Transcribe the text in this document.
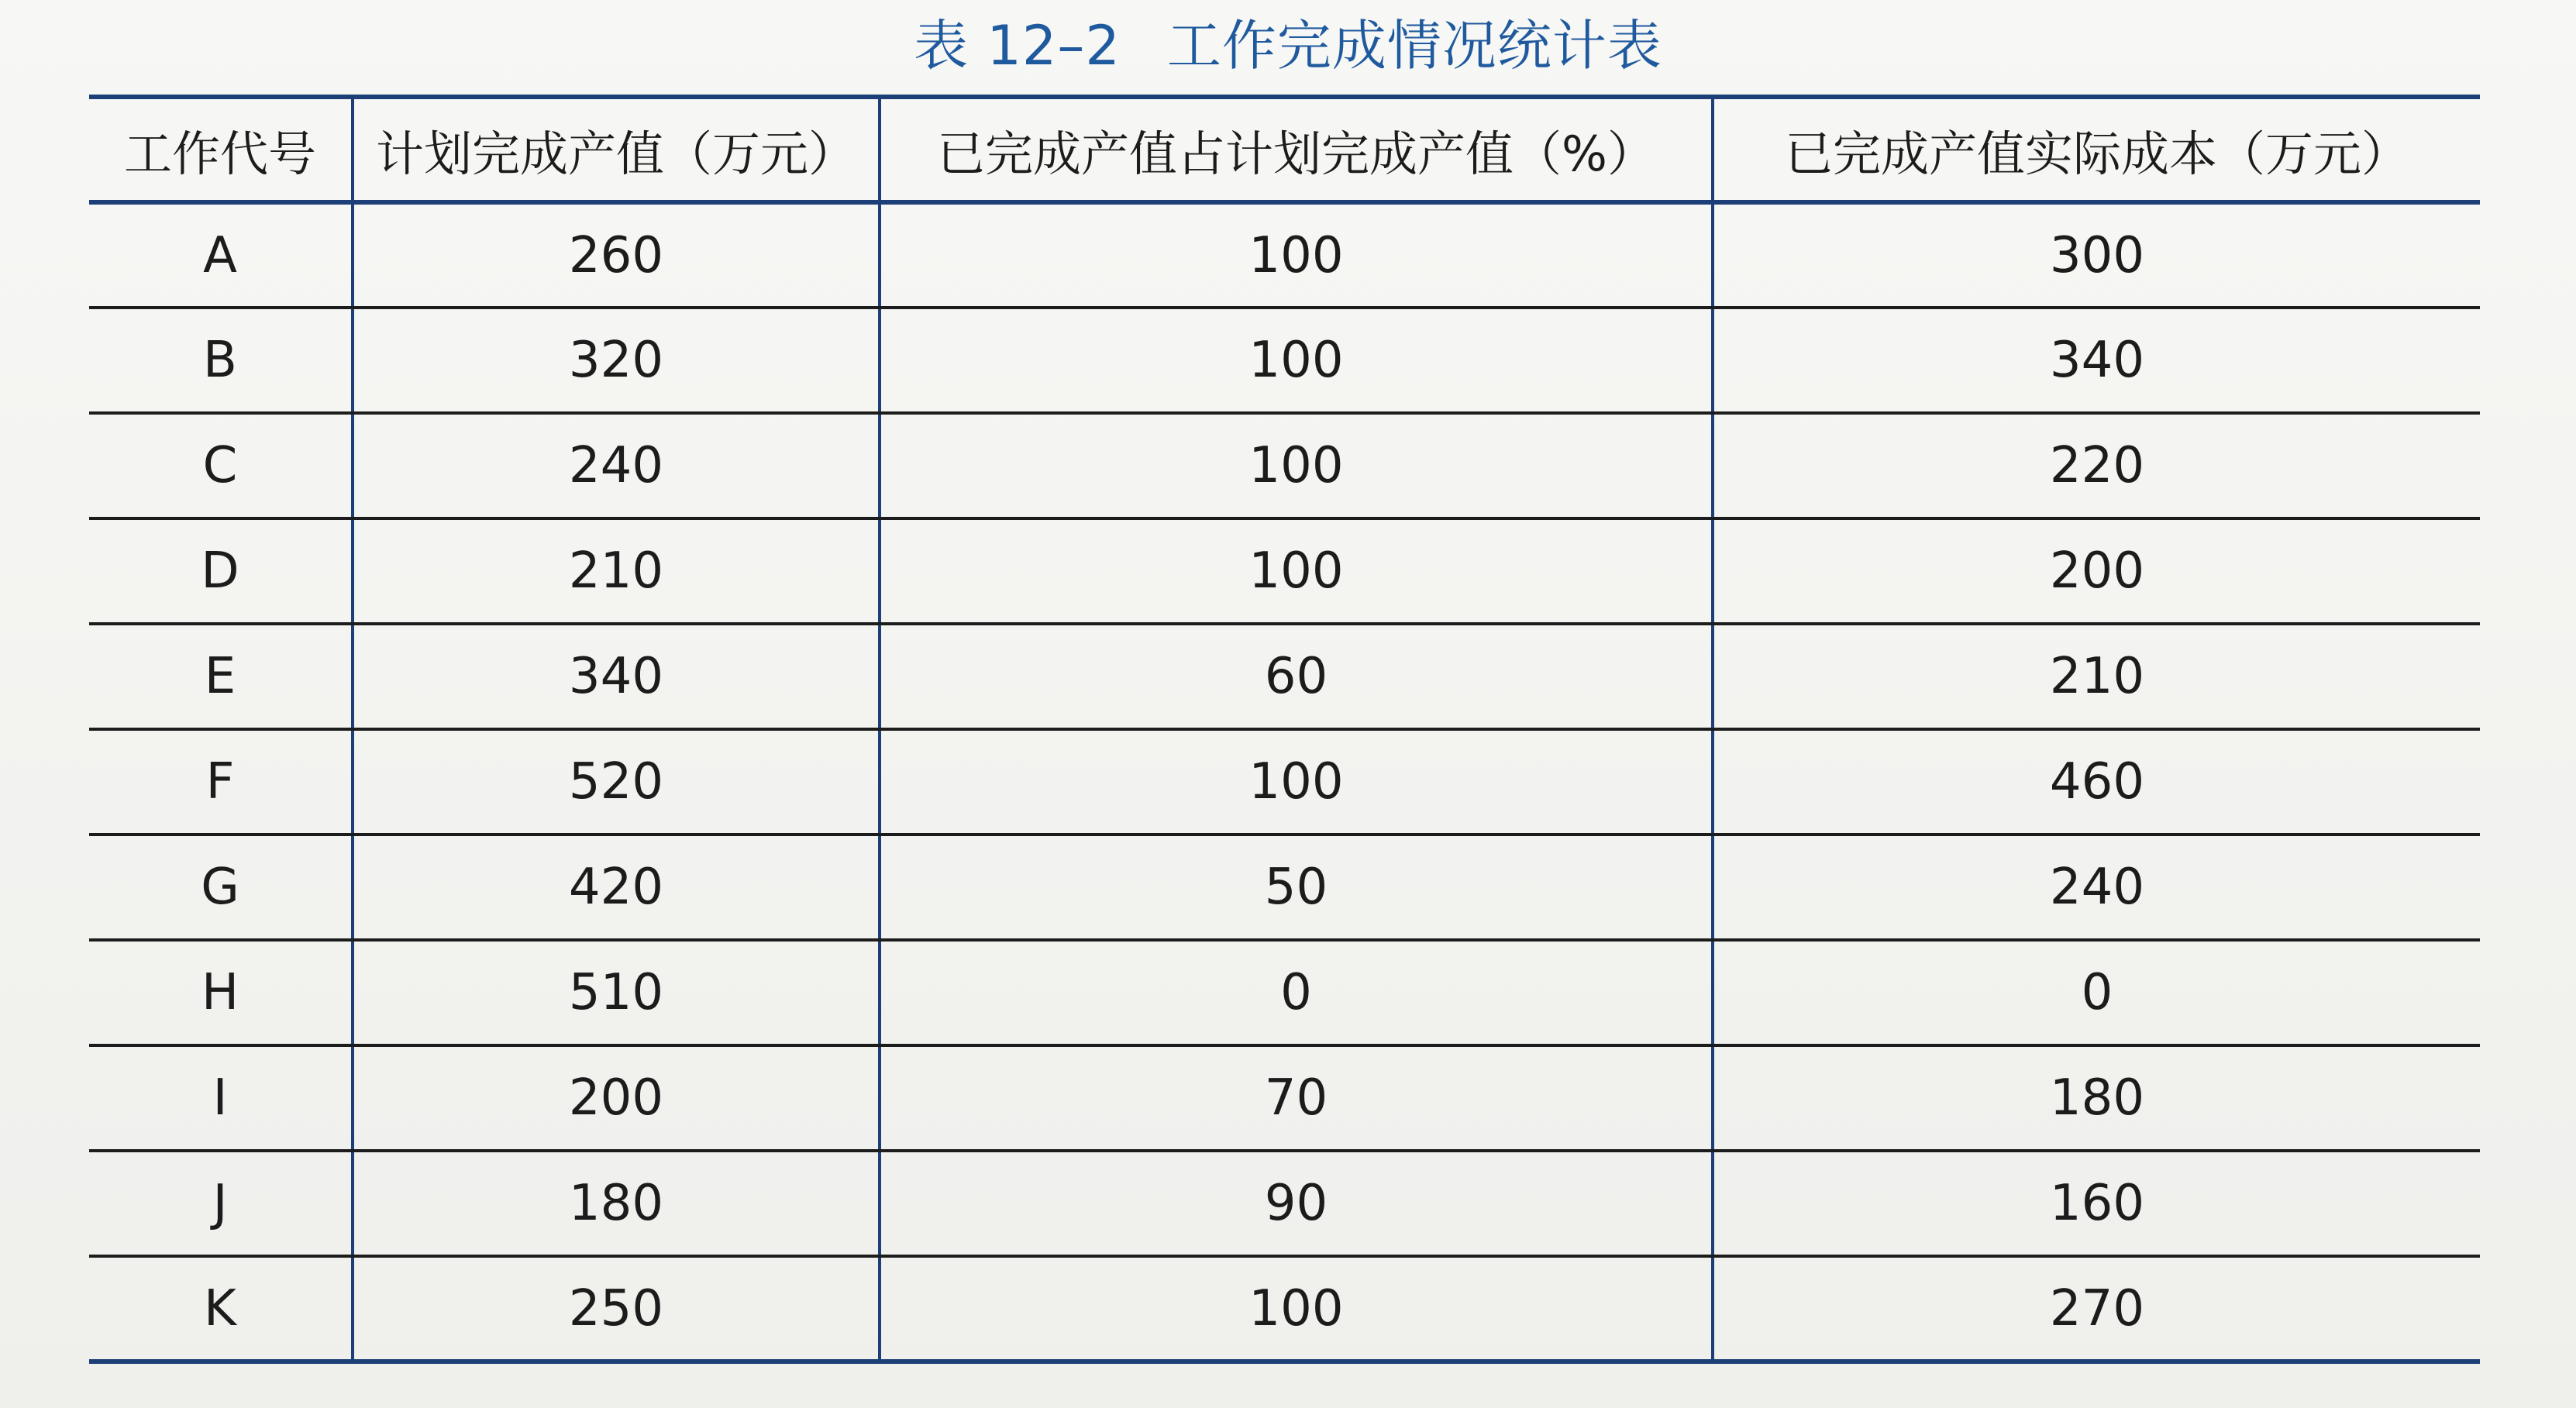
表 12–2 工作完成情况统计表
工作代号	计划完成产值（万元）	已完成产值占计划完成产值（%）	已完成产值实际成本（万元）
A	260	100	300
B	320	100	340
C	240	100	220
D	210	100	200
E	340	60	210
F	520	100	460
G	420	50	240
H	510	0	0
I	200	70	180
J	180	90	160
K	250	100	270
